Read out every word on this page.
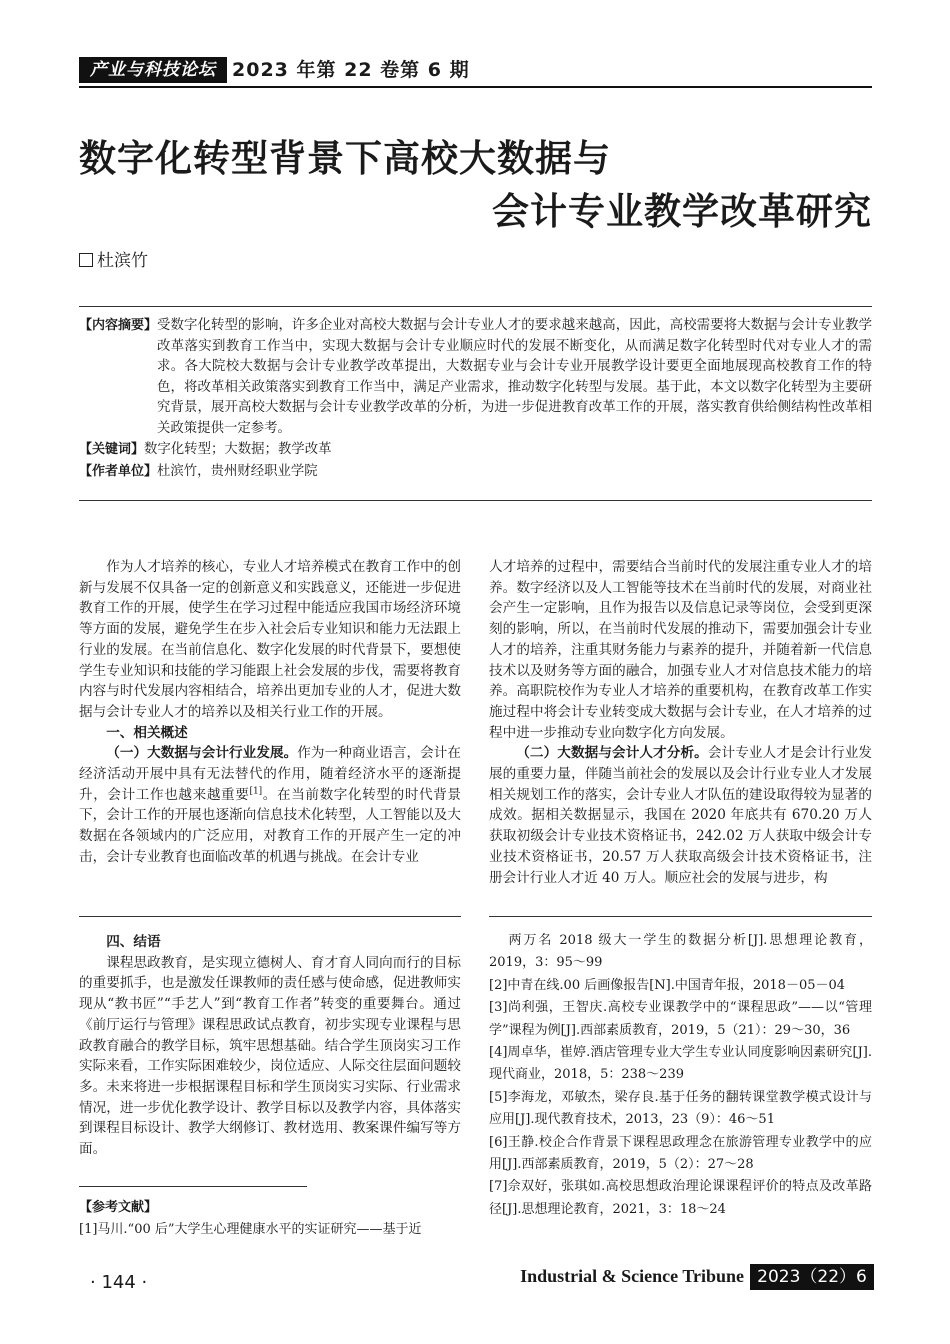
产业与科技论坛 2023 年第 22 卷第 6 期
数字化转型背景下高校大数据与
会计专业教学改革研究
杜滨竹
【内容摘要】 受数字化转型的影响，许多企业对高校大数据与会计专业人才的要求越来越高，因此，高校需要将大数据与会计专业教学改革落实到教育工作当中，实现大数据与会计专业顺应时代的发展不断变化，从而满足数字化转型时代对专业人才的需求。各大院校大数据与会计专业教学改革提出，大数据专业与会计专业开展教学设计要更全面地展现高校教育工作的特色，将改革相关政策落实到教育工作当中，满足产业需求，推动数字化转型与发展。基于此，本文以数字化转型为主要研究背景，展开高校大数据与会计专业教学改革的分析，为进一步促进教育改革工作的开展，落实教育供给侧结构性改革相关政策提供一定参考。
【关键词】 数字化转型；大数据；教学改革
【作者单位】 杜滨竹，贵州财经职业学院

作为人才培养的核心，专业人才培养模式在教育工作中的创新与发展不仅具备一定的创新意义和实践意义，还能进一步促进教育工作的开展，使学生在学习过程中能适应我国市场经济环境等方面的发展，避免学生在步入社会后专业知识和能力无法跟上行业的发展。在当前信息化、数字化发展的时代背景下，要想使学生专业知识和技能的学习能跟上社会发展的步伐，需要将教育内容与时代发展内容相结合，培养出更加专业的人才，促进大数据与会计专业人才的培养以及相关行业工作的开展。

一、相关概述

（一）大数据与会计行业发展。作为一种商业语言，会计在经济活动开展中具有无法替代的作用，随着经济水平的逐渐提升，会计工作也越来越重要[1]。在当前数字化转型的时代背景下，会计工作的开展也逐渐向信息技术化转型，人工智能以及大数据在各领域内的广泛应用，对教育工作的开展产生一定的冲击，会计专业教育也面临改革的机遇与挑战。在会计专业

人才培养的过程中，需要结合当前时代的发展注重专业人才的培养。数字经济以及人工智能等技术在当前时代的发展，对商业社会产生一定影响，且作为报告以及信息记录等岗位，会受到更深刻的影响，所以，在当前时代发展的推动下，需要加强会计专业人才的培养，注重其财务能力与素养的提升，并随着新一代信息技术以及财务等方面的融合，加强专业人才对信息技术能力的培养。高职院校作为专业人才培养的重要机构，在教育改革工作实施过程中将会计专业转变成大数据与会计专业，在人才培养的过程中进一步推动专业向数字化方向发展。

（二）大数据与会计人才分析。会计专业人才是会计行业发展的重要力量，伴随当前社会的发展以及会计行业专业人才发展相关规划工作的落实，会计专业人才队伍的建设取得较为显著的成效。据相关数据显示，我国在 2020 年底共有 670.20 万人获取初级会计专业技术资格证书，242.02 万人获取中级会计专业技术资格证书，20.57 万人获取高级会计技术资格证书，注册会计行业人才近 40 万人。顺应社会的发展与进步，构

四、结语

课程思政教育，是实现立德树人、育才育人同向而行的目标的重要抓手，也是激发任课教师的责任感与使命感，促进教师实现从“教书匠”“手艺人”到“教育工作者”转变的重要舞台。通过《前厅运行与管理》课程思政试点教育，初步实现专业课程与思政教育融合的教学目标，筑牢思想基础。结合学生顶岗实习工作实际来看，工作实际困难较少，岗位适应、人际交往层面问题较多。未来将进一步根据课程目标和学生顶岗实习实际、行业需求情况，进一步优化教学设计、教学目标以及教学内容，具体落实到课程目标设计、教学大纲修订、教材选用、教案课件编写等方面。

【参考文献】
[1]马川.“00 后”大学生心理健康水平的实证研究——基于近
两万名 2018 级大一学生的数据分析[J].思想理论教育，2019，3：95～99
[2]中青在线.00 后画像报告[N].中国青年报，2018－05－04
[3]尚利强，王智庆.高校专业课教学中的“课程思政”——以“管理学”课程为例[J].西部素质教育，2019，5（21）：29～30，36
[4]周卓华，崔婷.酒店管理专业大学生专业认同度影响因素研究[J].现代商业，2018，5：238～239
[5]李海龙，邓敏杰，梁存良.基于任务的翻转课堂教学模式设计与应用[J].现代教育技术，2013，23（9）：46～51
[6]王静.校企合作背景下课程思政理念在旅游管理专业教学中的应用[J].西部素质教育，2019，5（2）：27～28
[7]佘双好，张琪如.高校思想政治理论课课程评价的特点及改革路径[J].思想理论教育，2021，3：18～24
· 144 ·	Industrial & Science Tribune 2023（22）6
